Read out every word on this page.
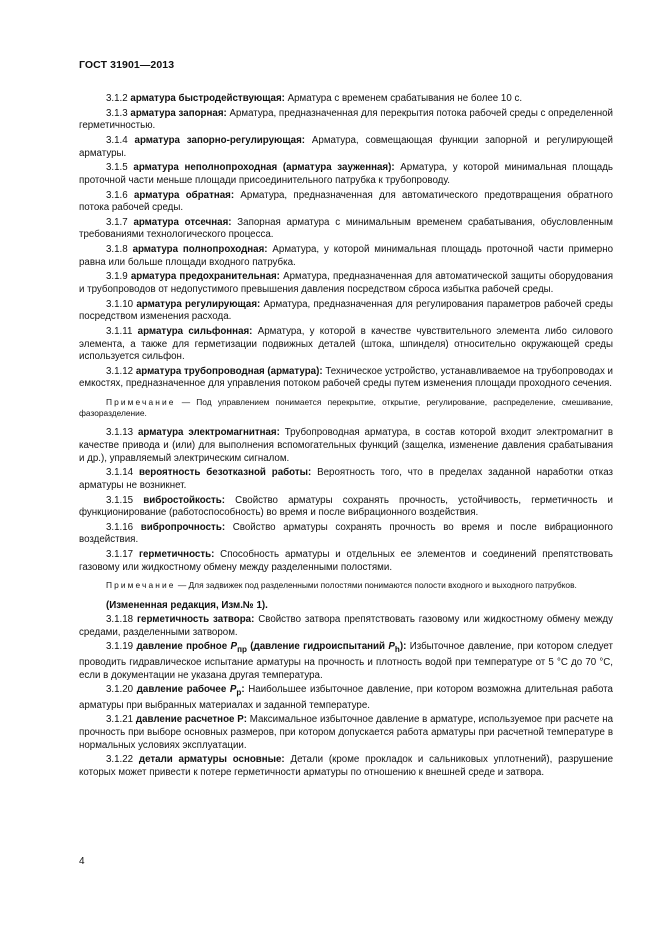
ГОСТ 31901—2013

3.1.2 арматура быстродействующая: Арматура с временем срабатывания не более 10 с.

3.1.3 арматура запорная: Арматура, предназначенная для перекрытия потока рабочей среды с определенной герметичностью.

3.1.4 арматура запорно-регулирующая: Арматура, совмещающая функции запорной и регулирующей арматуры.

3.1.5 арматура неполнопроходная (арматура зауженная): Арматура, у которой минимальная площадь проточной части меньше площади присоединительного патрубка к трубопроводу.

3.1.6 арматура обратная: Арматура, предназначенная для автоматического предотвращения обратного потока рабочей среды.

3.1.7 арматура отсечная: Запорная арматура с минимальным временем срабатывания, обусловленным требованиями технологического процесса.

3.1.8 арматура полнопроходная: Арматура, у которой минимальная площадь проточной части примерно равна или больше площади входного патрубка.

3.1.9 арматура предохранительная: Арматура, предназначенная для автоматической защиты оборудования и трубопроводов от недопустимого превышения давления посредством сброса избытка рабочей среды.

3.1.10 арматура регулирующая: Арматура, предназначенная для регулирования параметров рабочей среды посредством изменения расхода.

3.1.11 арматура сильфонная: Арматура, у которой в качестве чувствительного элемента либо силового элемента, а также для герметизации подвижных деталей (штока, шпинделя) относительно окружающей среды используется сильфон.

3.1.12 арматура трубопроводная (арматура): Техническое устройство, устанавливаемое на трубопроводах и емкостях, предназначенное для управления потоком рабочей среды путем изменения площади проходного сечения.

Примечание — Под управлением понимается перекрытие, открытие, регулирование, распределение, смешивание, фазоразделение.

3.1.13 арматура электромагнитная: Трубопроводная арматура, в состав которой входит электромагнит в качестве привода и (или) для выполнения вспомогательных функций (защелка, изменение давления срабатывания и др.), управляемый электрическим сигналом.

3.1.14 вероятность безотказной работы: Вероятность того, что в пределах заданной наработки отказ арматуры не возникнет.

3.1.15 вибростойкость: Свойство арматуры сохранять прочность, устойчивость, герметичность и функционирование (работоспособность) во время и после вибрационного воздействия.

3.1.16 вибропрочность: Свойство арматуры сохранять прочность во время и после вибрационного воздействия.

3.1.17 герметичность: Способность арматуры и отдельных ее элементов и соединений препятствовать газовому или жидкостному обмену между разделенными полостями.

Примечание — Для задвижек под разделенными полостями понимаются полости входного и выходного патрубков.

(Измененная редакция, Изм.№ 1).

3.1.18 герметичность затвора: Свойство затвора препятствовать газовому или жидкостному обмену между средами, разделенными затвором.

3.1.19 давление пробное $P_{пр}$ (давление гидроиспытаний $P_h$): Избыточное давление, при котором следует проводить гидравлическое испытание арматуры на прочность и плотность водой при температуре от 5 °С до 70 °С, если в документации не указана другая температура.

3.1.20 давление рабочее $P_р$: Наибольшее избыточное давление, при котором возможна длительная работа арматуры при выбранных материалах и заданной температуре.

3.1.21 давление расчетное P: Максимальное избыточное давление в арматуре, используемое при расчете на прочность при выборе основных размеров, при котором допускается работа арматуры при расчетной температуре в нормальных условиях эксплуатации.

3.1.22 детали арматуры основные: Детали (кроме прокладок и сальниковых уплотнений), разрушение которых может привести к потере герметичности арматуры по отношению к внешней среде и затвора.

4
